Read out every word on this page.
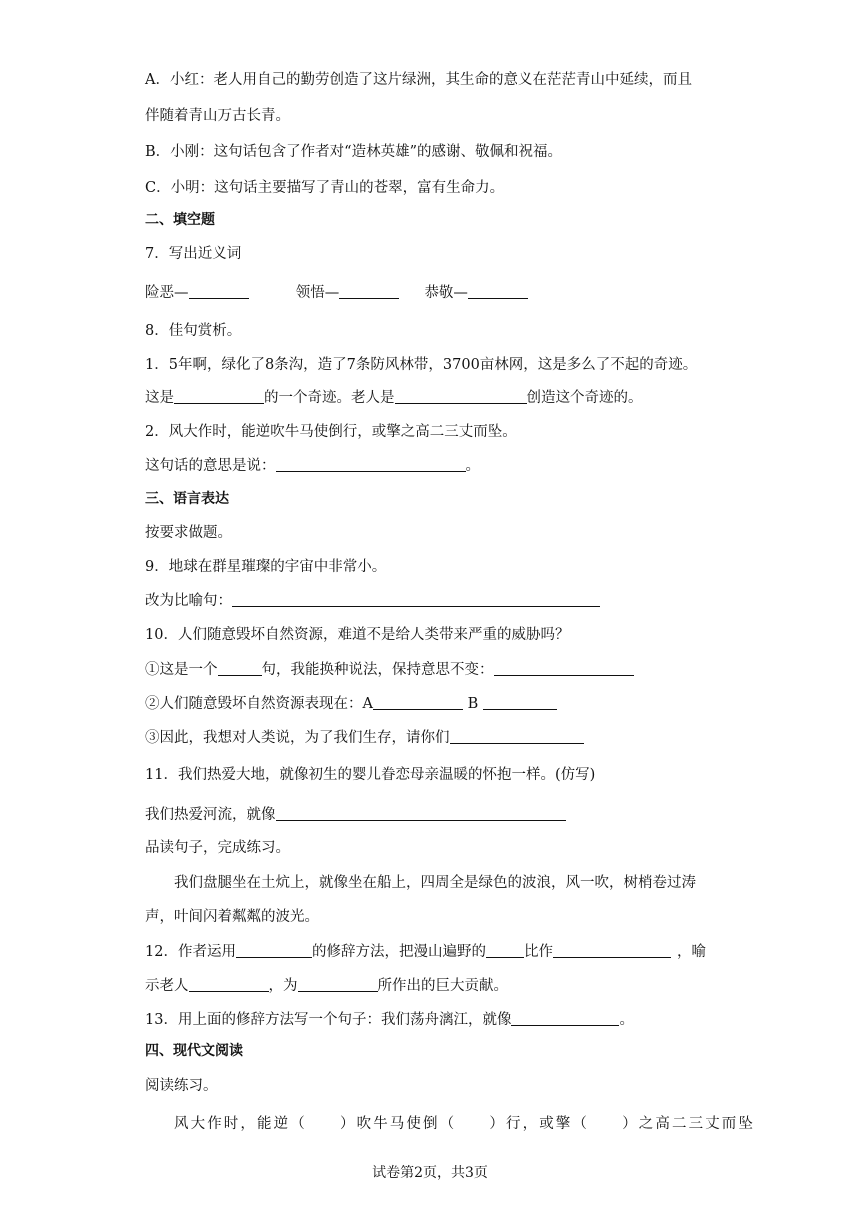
A．小红：老人用自己的勤劳创造了这片绿洲，其生命的意义在茫茫青山中延续，而且
伴随着青山万古长青。
B．小刚：这句话包含了作者对“造林英雄”的感谢、敬佩和祝福。
C．小明：这句话主要描写了青山的苍翠，富有生命力。
二、填空题
7．写出近义词
险恶—	领悟—	恭敬—
8．佳句赏析。
1．5年啊，绿化了8条沟，造了7条防风林带，3700亩林网，这是多么了不起的奇迹。
这是	的一个奇迹。老人是	创造这个奇迹的。
2．风大作时，能逆吹牛马使倒行，或擎之高二三丈而坠。
这句话的意思是说：	。
三、语言表达
按要求做题。
9．地球在群星璀璨的宇宙中非常小。
改为比喻句：
10．人们随意毁坏自然资源，难道不是给人类带来严重的威胁吗？
①这是一个	句，我能换种说法，保持意思不变：
②人们随意毁坏自然资源表现在：A	B
③因此，我想对人类说，为了我们生存，请你们
11．我们热爱大地，就像初生的婴儿眷恋母亲温暖的怀抱一样。(仿写)
我们热爱河流，就像
品读句子，完成练习。
我们盘腿坐在土炕上，就像坐在船上，四周全是绿色的波浪，风一吹，树梢卷过涛
声，叶间闪着粼粼的波光。
12．作者运用	的修辞方法，把漫山遍野的	比作	，喻
示老人	，为	所作出的巨大贡献。
13．用上面的修辞方法写一个句子：我们荡舟漓江，就像	。
四、现代文阅读
阅读练习。
风大作时，能逆（　　）吹牛马使倒（　　）行，或擎（　　）之高二三丈而坠
试卷第2页，共3页
